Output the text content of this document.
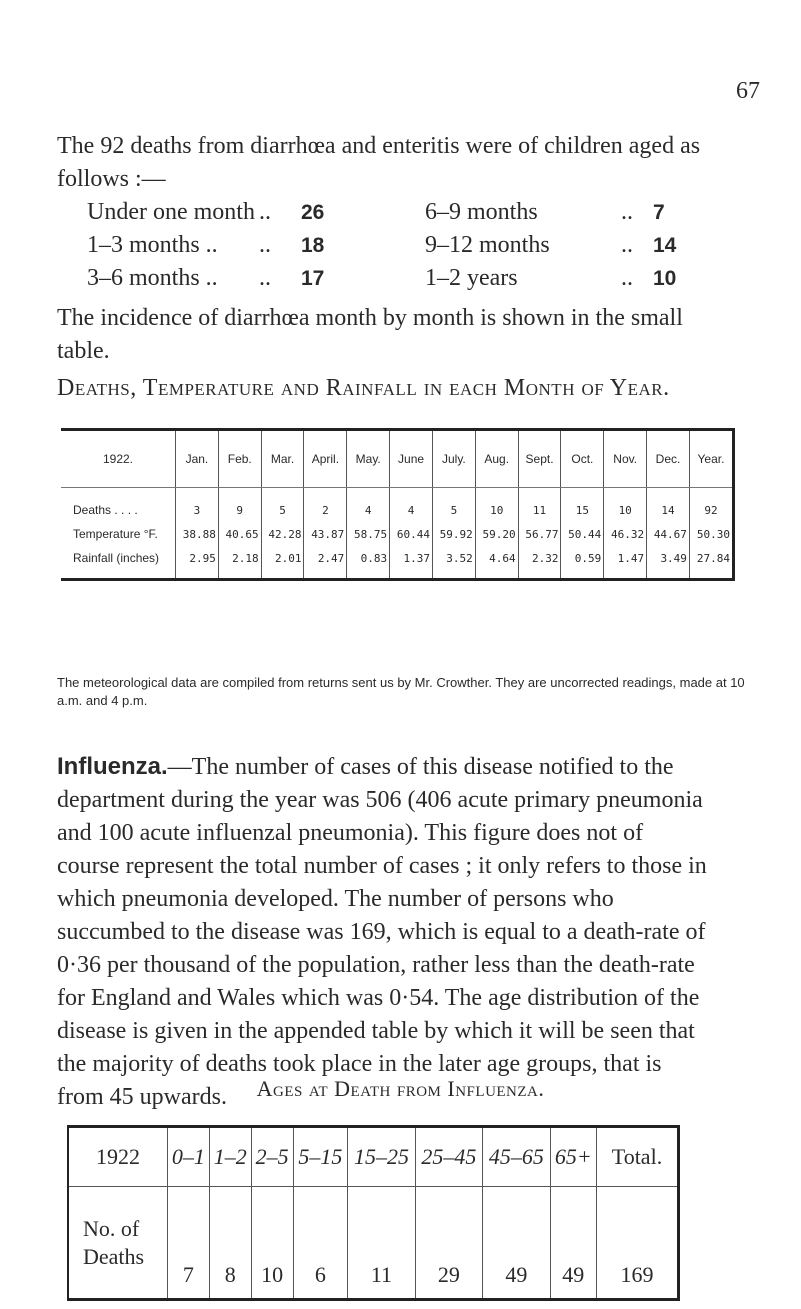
67
The 92 deaths from diarrhœa and enteritis were of children aged as follows :—
Under one month ..	26	6–9 months	.. 7
1–3 months ..	..	18	9–12 months	.. 14
3–6 months ..	..	17	1–2 years	.. 10
The incidence of diarrhœa month by month is shown in the small table.
Deaths, Temperature and Rainfall in each Month of Year.
1922.	Jan.	Feb.	Mar.	April.	May.	June	July.	Aug.	Sept.	Oct.	Nov.	Dec.	Year.
Deaths . . . .	3	9	5	2	4	4	5	10	11	15	10	14	92
Temperature °F.	38.88	40.65	42.28	43.87	58.75	60.44	59.92	59.20	56.77	50.44	46.32	44.67	50.30
Rainfall (inches)	2.95	2.18	2.01	2.47	0.83	1.37	3.52	4.64	2.32	0.59	1.47	3.49	27.84
The meteorological data are compiled from returns sent us by Mr. Crowther. They are uncorrected readings, made at 10 a.m. and 4 p.m.
Influenza.—The number of cases of this disease notified to the department during the year was 506 (406 acute primary pneumonia and 100 acute influenzal pneumonia). This figure does not of course represent the total number of cases ; it only refers to those in which pneumonia developed. The number of persons who succumbed to the disease was 169, which is equal to a death-rate of 0·36 per thousand of the population, rather less than the death-rate for England and Wales which was 0·54. The age distribution of the disease is given in the appended table by which it will be seen that the majority of deaths took place in the later age groups, that is from 45 upwards.	Ages at Death from Influenza.
1922	0–1	1–2	2–5	5–15	15–25	25–45	45–65	65+	Total.
No. of Deaths	7	8	10	6	11	29	49	49	169
